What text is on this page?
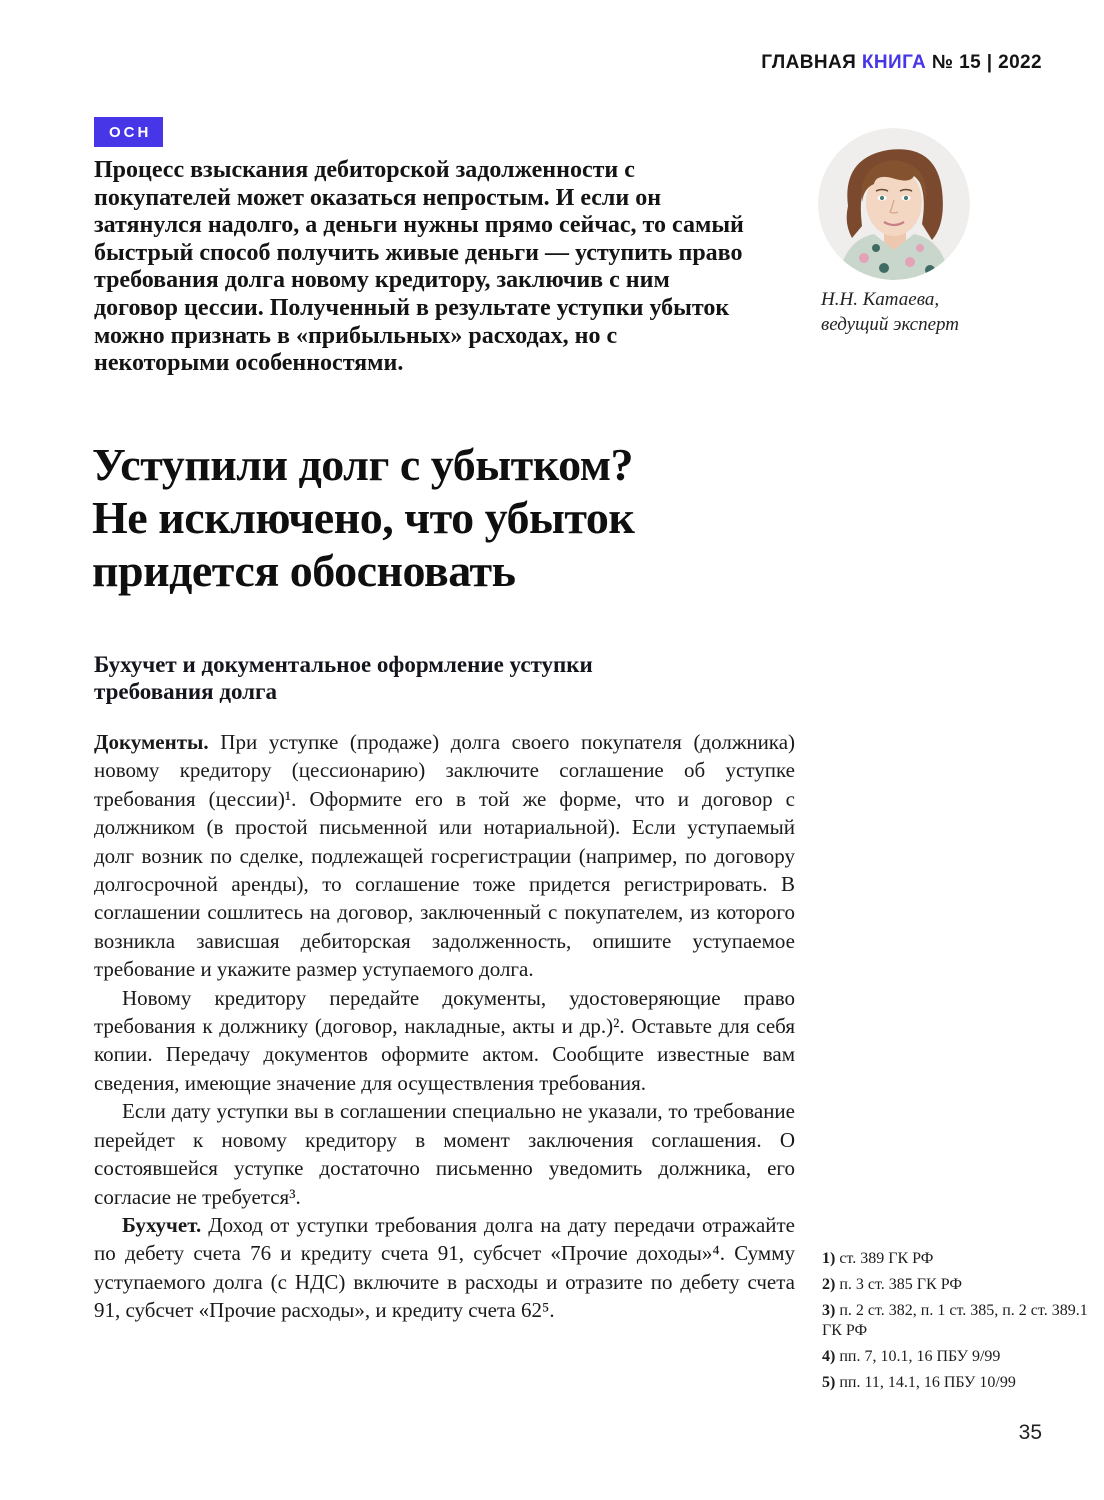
ГЛАВНАЯ КНИГА № 15 | 2022
ОСН
Процесс взыскания дебиторской задолженности с покупателей может оказаться непростым. И если он затянулся надолго, а деньги нужны прямо сейчас, то самый быстрый способ получить живые деньги — уступить право требования долга новому кредитору, заключив с ним договор цессии. Полученный в результате уступки убыток можно признать в «прибыльных» расходах, но с некоторыми особенностями.
Н.Н. Катаева,
ведущий эксперт
Уступили долг с убытком?
Не исключено, что убыток
придется обосновать
Бухучет и документальное оформление уступки
требования долга

Документы. При уступке (продаже) долга своего покупателя (должника) новому кредитору (цессионарию) заключите соглашение об уступке требования (цессии)¹. Оформите его в той же форме, что и договор с должником (в простой письменной или нотариальной). Если уступаемый долг возник по сделке, подлежащей госрегистрации (например, по договору долгосрочной аренды), то соглашение тоже придется регистрировать. В соглашении сошлитесь на договор, заключенный с покупателем, из которого возникла зависшая дебиторская задолженность, опишите уступаемое требование и укажите размер уступаемого долга.

Новому кредитору передайте документы, удостоверяющие право требования к должнику (договор, накладные, акты и др.)². Оставьте для себя копии. Передачу документов оформите актом. Сообщите известные вам сведения, имеющие значение для осуществления требования.

Если дату уступки вы в соглашении специально не указали, то требование перейдет к новому кредитору в момент заключения соглашения. О состоявшейся уступке достаточно письменно уведомить должника, его согласие не требуется³.

Бухучет. Доход от уступки требования долга на дату передачи отражайте по дебету счета 76 и кредиту счета 91, субсчет «Прочие доходы»⁴. Сумму уступаемого долга (с НДС) включите в расходы и отразите по дебету счета 91, субсчет «Прочие расходы», и кредиту счета 62⁵.

1) ст. 389 ГК РФ

2) п. 3 ст. 385 ГК РФ

3) п. 2 ст. 382, п. 1 ст. 385, п. 2 ст. 389.1 ГК РФ

4) пп. 7, 10.1, 16 ПБУ 9/99

5) пп. 11, 14.1, 16 ПБУ 10/99

35
